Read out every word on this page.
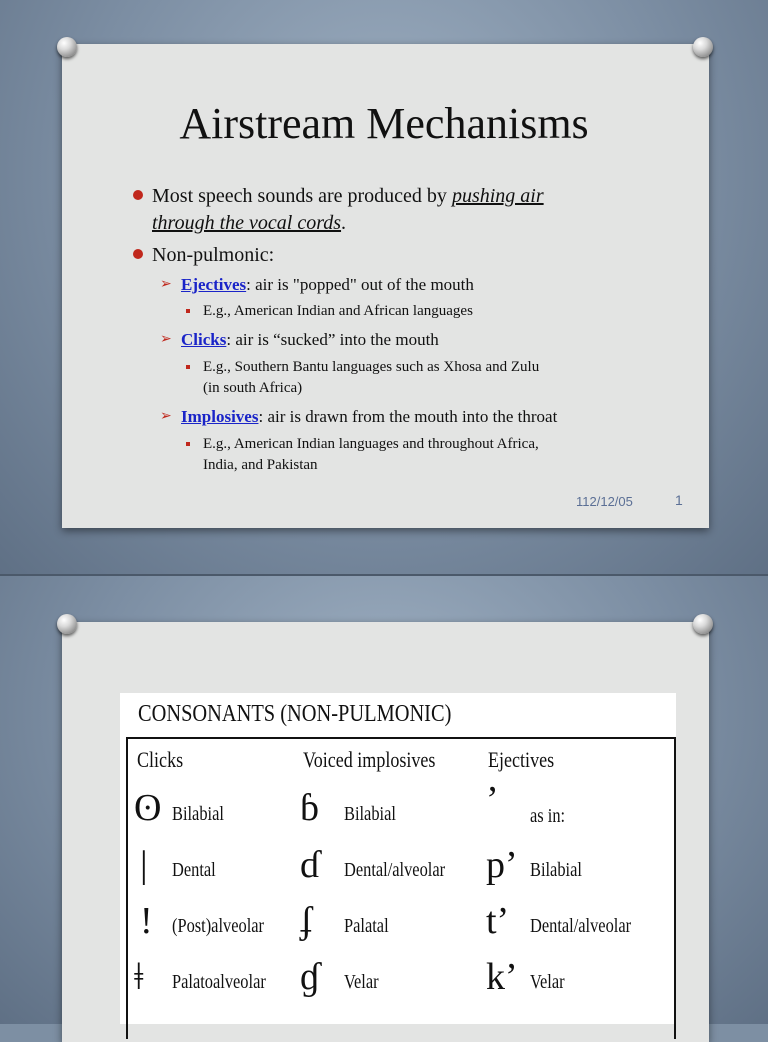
Airstream Mechanisms
Most speech sounds are produced by pushing air
through the vocal cords.
Non-pulmonic:
➢ Ejectives: air is "popped" out of the mouth
E.g., American Indian and African languages
➢ Clicks: air is “sucked” into the mouth
E.g., Southern Bantu languages such as Xhosa and Zulu
(in south Africa)
➢ Implosives: air is drawn from the mouth into the throat
E.g., American Indian languages and throughout Africa,
India, and Pakistan
112/12/05	1
CONSONANTS (NON-PULMONIC)
Clicks	Voiced implosives Ejectives
ʘ Bilabial
| Dental
! (Post)alveolar
ǂ Palatoalveolar
ɓ Bilabial
ɗ Dental/alveolar
ʄ Palatal
ɠ Velar
’ as in:
p’ Bilabial
t’ Dental/alveolar
k’ Velar
